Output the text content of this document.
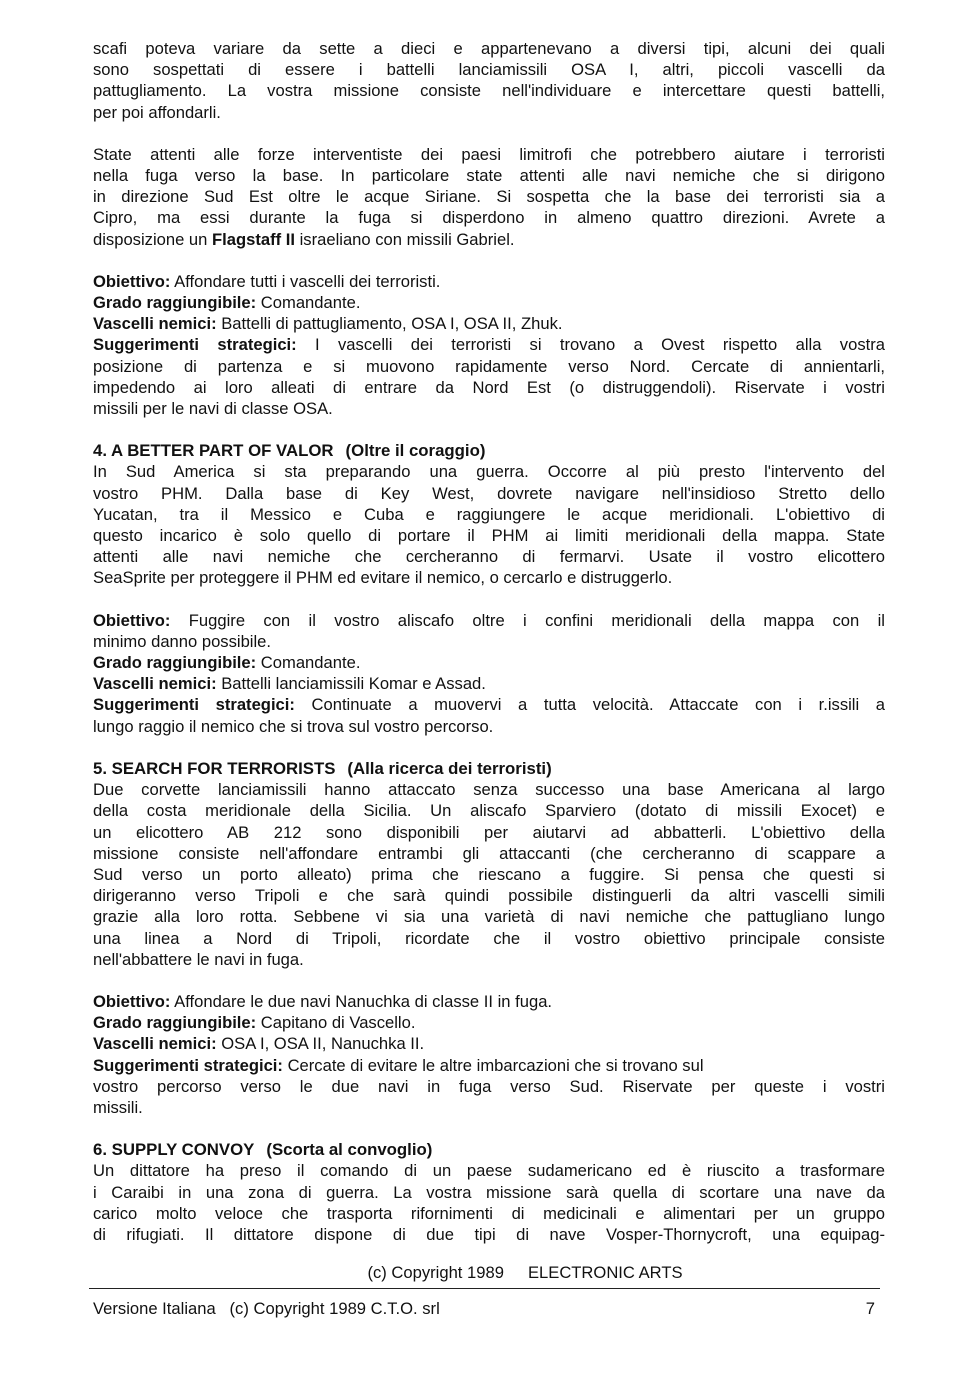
scafi poteva variare da sette a dieci e appartenevano a diversi tipi, alcuni dei quali
sono sospettati di essere i battelli lanciamissili OSA I, altri, piccoli vascelli da
pattugliamento. La vostra missione consiste nell'individuare e intercettare questi battelli,
per poi affondarli.

State attenti alle forze interventiste dei paesi limitrofi che potrebbero aiutare i terroristi
nella fuga verso la base. In particolare state attenti alle navi nemiche che si dirigono
in direzione Sud Est oltre le acque Siriane. Si sospetta che la base dei terroristi sia a
Cipro, ma essi durante la fuga si disperdono in almeno quattro direzioni. Avrete a
disposizione un Flagstaff II israeliano con missili Gabriel.

Obiettivo: Affondare tutti i vascelli dei terroristi.
Grado raggiungibile: Comandante.
Vascelli nemici: Battelli di pattugliamento, OSA I, OSA II, Zhuk.
Suggerimenti strategici: I vascelli dei terroristi si trovano a Ovest rispetto alla vostra
posizione di partenza e si muovono rapidamente verso Nord. Cercate di annientarli,
impedendo ai loro alleati di entrare da Nord Est (o distruggendoli). Riservate i vostri
missili per le navi di classe OSA.
4. A BETTER PART OF VALOR (Oltre il coraggio)

In Sud America si sta preparando una guerra. Occorre al più presto l'intervento del
vostro PHM. Dalla base di Key West, dovrete navigare nell'insidioso Stretto dello
Yucatan, tra il Messico e Cuba e raggiungere le acque meridionali. L'obiettivo di
questo incarico è solo quello di portare il PHM ai limiti meridionali della mappa. State
attenti alle navi nemiche che cercheranno di fermarvi. Usate il vostro elicottero
SeaSprite per proteggere il PHM ed evitare il nemico, o cercarlo e distruggerlo.

Obiettivo: Fuggire con il vostro aliscafo oltre i confini meridionali della mappa con il
minimo danno possibile.
Grado raggiungibile: Comandante.
Vascelli nemici: Battelli lanciamissili Komar e Assad.
Suggerimenti strategici: Continuate a muovervi a tutta velocità. Attaccate con i r.issili a
lungo raggio il nemico che si trova sul vostro percorso.
5. SEARCH FOR TERRORISTS (Alla ricerca dei terroristi)

Due corvette lanciamissili hanno attaccato senza successo una base Americana al largo
della costa meridionale della Sicilia. Un aliscafo Sparviero (dotato di missili Exocet) e
un elicottero AB 212 sono disponibili per aiutarvi ad abbatterli. L'obiettivo della
missione consiste nell'affondare entrambi gli attaccanti (che cercheranno di scappare a
Sud verso un porto alleato) prima che riescano a fuggire. Si pensa che questi si
dirigeranno verso Tripoli e che sarà quindi possibile distinguerli da altri vascelli simili
grazie alla loro rotta. Sebbene vi sia una varietà di navi nemiche che pattugliano lungo
una linea a Nord di Tripoli, ricordate che il vostro obiettivo principale consiste
nell'abbattere le navi in fuga.

Obiettivo: Affondare le due navi Nanuchka di classe II in fuga.
Grado raggiungibile: Capitano di Vascello.
Vascelli nemici: OSA I, OSA II, Nanuchka II.
Suggerimenti strategici: Cercate di evitare le altre imbarcazioni che si trovano sul
vostro percorso verso le due navi in fuga verso Sud. Riservate per queste i vostri
missili.
6. SUPPLY CONVOY (Scorta al convoglio)

Un dittatore ha preso il comando di un paese sudamericano ed è riuscito a trasformare
i Caraibi in una zona di guerra. La vostra missione sarà quella di scortare una nave da
carico molto veloce che trasporta rifornimenti di medicinali e alimentari per un gruppo
di rifugiati. Il dittatore dispone di due tipi di nave Vosper-Thornycroft, una equipag-

(c) Copyright 1989 ELECTRONIC ARTS
Versione Italiana   (c) Copyright 1989 C.T.O. srl	7
